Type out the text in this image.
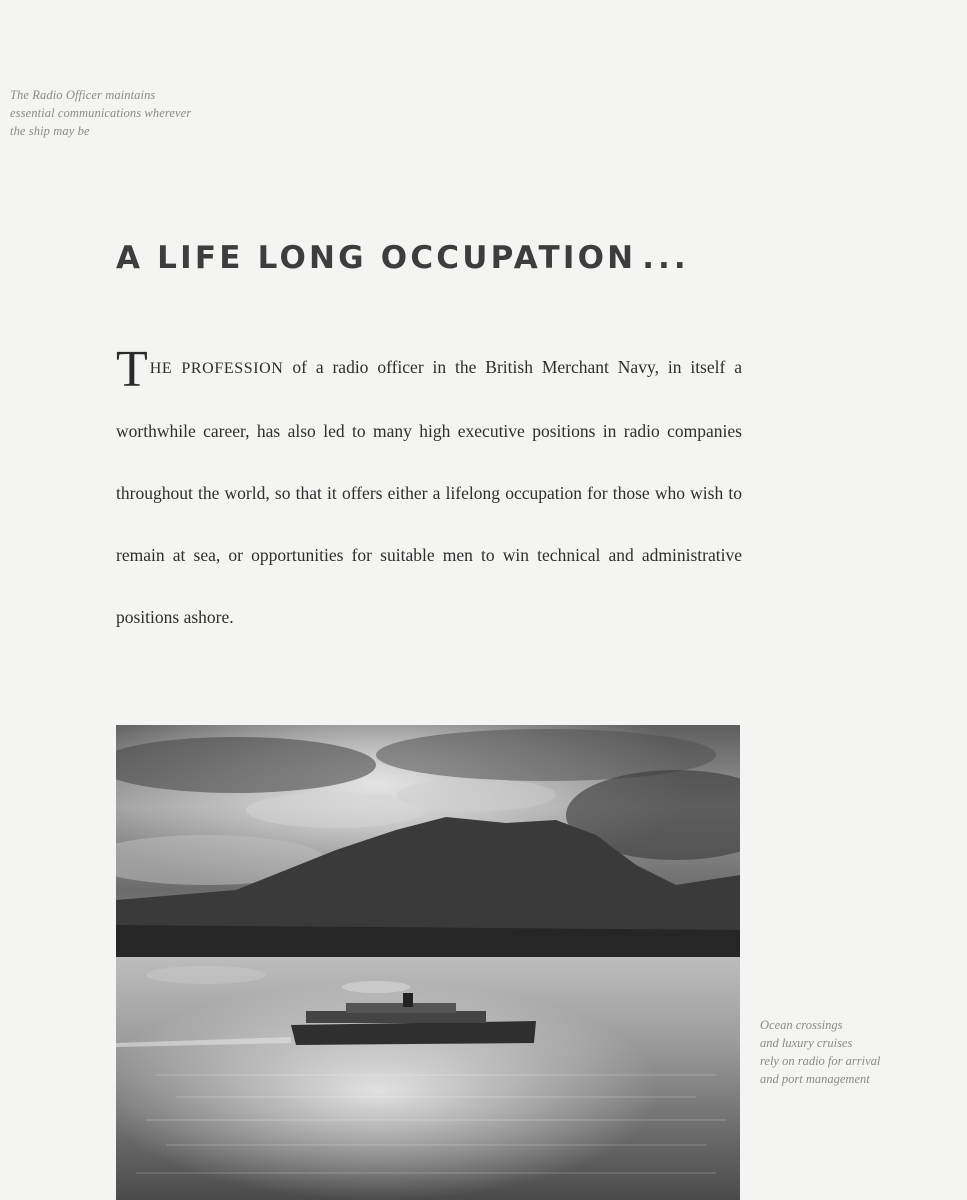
The Radio Officer maintains
essential communications wherever
the ship may be
A LIFE LONG OCCUPATION ...
THE PROFESSION of a radio officer in the British Merchant Navy, in itself a worthwhile career, has also led to many high executive positions in radio companies throughout the world, so that it offers either a lifelong occupation for those who wish to remain at sea, or opportunities for suitable men to win technical and administrative positions ashore.
Ocean crossings
and luxury cruises
rely on radio for arrival
and port management
